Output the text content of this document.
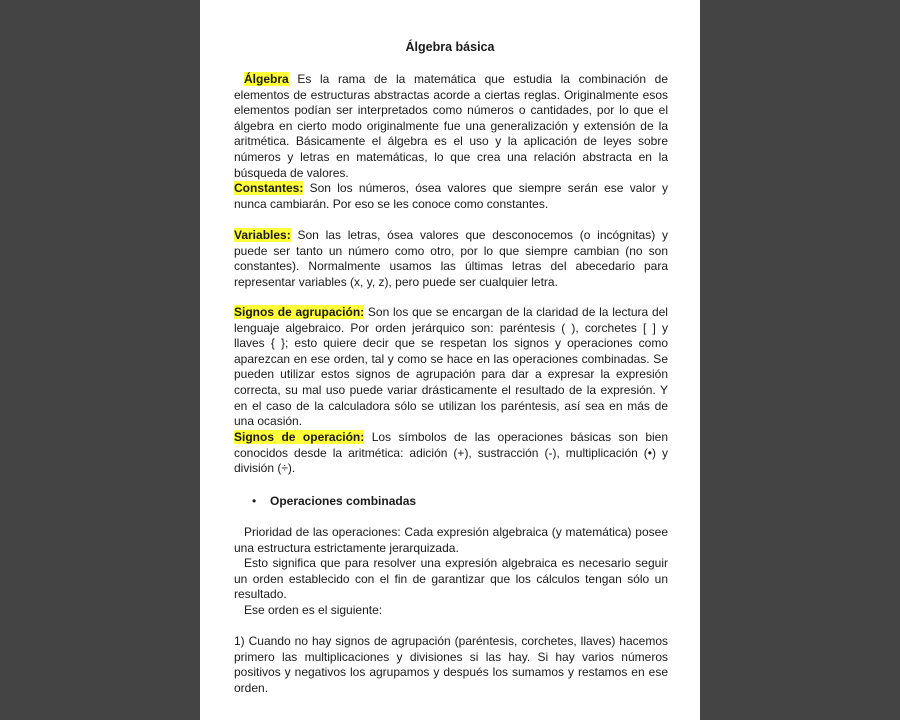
Álgebra básica
Álgebra Es la rama de la matemática que estudia la combinación de elementos de estructuras abstractas acorde a ciertas reglas. Originalmente esos elementos podían ser interpretados como números o cantidades, por lo que el álgebra en cierto modo originalmente fue una generalización y extensión de la aritmética. Básicamente el álgebra es el uso y la aplicación de leyes sobre números y letras en matemáticas, lo que crea una relación abstracta en la búsqueda de valores.
Constantes: Son los números, ósea valores que siempre serán ese valor y nunca cambiarán. Por eso se les conoce como constantes.
Variables: Son las letras, ósea valores que desconocemos (o incógnitas) y puede ser tanto un número como otro, por lo que siempre cambian (no son constantes). Normalmente usamos las últimas letras del abecedario para representar variables (x, y, z), pero puede ser cualquier letra.
Signos de agrupación: Son los que se encargan de la claridad de la lectura del lenguaje algebraico. Por orden jerárquico son: paréntesis ( ), corchetes [ ] y llaves { }; esto quiere decir que se respetan los signos y operaciones como aparezcan en ese orden, tal y como se hace en las operaciones combinadas. Se pueden utilizar estos signos de agrupación para dar a expresar la expresión correcta, su mal uso puede variar drásticamente el resultado de la expresión. Y en el caso de la calculadora sólo se utilizan los paréntesis, así sea en más de una ocasión.
Signos de operación: Los símbolos de las operaciones básicas son bien conocidos desde la aritmética: adición (+), sustracción (-), multiplicación (•) y división (÷).
• Operaciones combinadas
Prioridad de las operaciones: Cada expresión algebraica (y matemática) posee una estructura estrictamente jerarquizada.
Esto significa que para resolver una expresión algebraica es necesario seguir un orden establecido con el fin de garantizar que los cálculos tengan sólo un resultado.
Ese orden es el siguiente:
1) Cuando no hay signos de agrupación (paréntesis, corchetes, llaves) hacemos primero las multiplicaciones y divisiones si las hay. Si hay varios números positivos y negativos los agrupamos y después los sumamos y restamos en ese orden.
